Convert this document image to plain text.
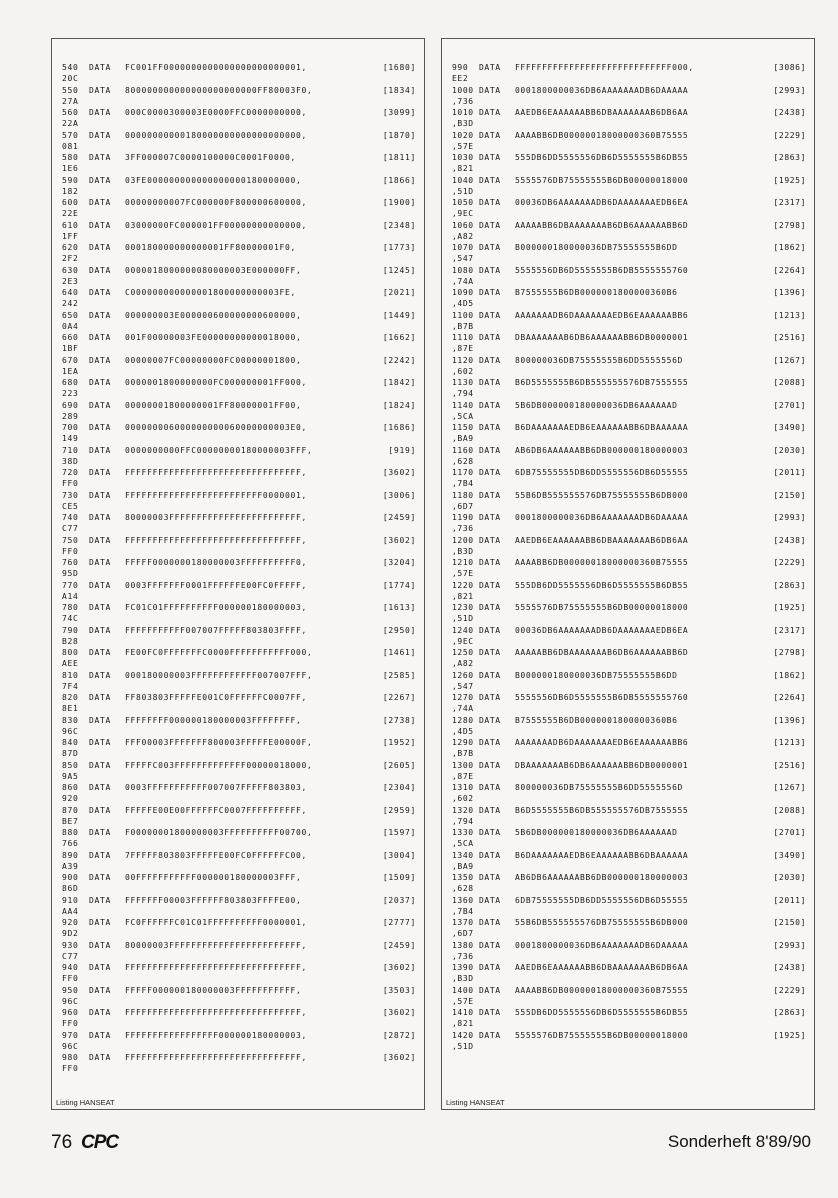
540 DATA FC001FF0000000000000000000000001,	[1680]
20C
550 DATA 800000000000000000000000FF80003F0,	[1834]
27A
560 DATA 000C0000300003E0000FFC0000000000,	[3099]
22A
570 DATA 00000000000180000000000000000000,	[1870]
081
580 DATA 3FF000007C0000100000C0001F0000,	[1811]
1E6
590 DATA 03FE000000000000000000180000000,	[1866]
182
600 DATA 00000000007FC000000F800000600000,	[1900]
22E
610 DATA 03000000FC000001FF00000000000000,	[2348]
1FF
620 DATA 000180000000000001FF80000001F0,	[1773]
2F2
630 DATA 0000018000000080000003E000000FF,	[1245]
2E3
640 DATA C000000000000001800000000003FE,	[2021]
242
650 DATA 000000003E000000600000000600000,	[1449]
0A4
660 DATA 001F00000003FE00000000000018000,	[1662]
1BF
670 DATA 00000007FC00000000FC00000001800,	[2242]
1EA
680 DATA 0000001800000000FC000000001FF000,	[1842]
223
690 DATA 00000001800000001FF80000001FF00,	[1824]
289
700 DATA 000000006000000000060000000003E0,	[1686]
149
710 DATA 0000000000FFC00000000180000003FFF,	[919]
38D
720 DATA FFFFFFFFFFFFFFFFFFFFFFFFFFFFFFFF,	[3602]
FF0
730 DATA FFFFFFFFFFFFFFFFFFFFFFFFF0000001,	[3006]
CE5
740 DATA 80000003FFFFFFFFFFFFFFFFFFFFFFFF,	[2459]
C77
750 DATA FFFFFFFFFFFFFFFFFFFFFFFFFFFFFFFF,	[3602]
FF0
760 DATA FFFFF0000000180000003FFFFFFFFFF0,	[3204]
95D
770 DATA 0003FFFFFFF0001FFFFFFE00FC0FFFFF,	[1774]
A14
780 DATA FC01C01FFFFFFFFFF000000180000003,	[1613]
74C
790 DATA FFFFFFFFFFF007007FFFFF803803FFFF,	[2950]
B28
800 DATA FE00FC0FFFFFFFC0000FFFFFFFFFFF000,	[1461]
AEE
810 DATA 000180000003FFFFFFFFFFFF007007FFF,	[2585]
7F4
820 DATA FF803803FFFFFE001C0FFFFFFC0007FF,	[2267]
8E1
830 DATA FFFFFFFF000000180000003FFFFFFFF,	[2738]
96C
840 DATA FFF00003FFFFFFF800003FFFFFE00000F,	[1952]
87D
850 DATA FFFFFC003FFFFFFFFFFFFF00000018000,	[2605]
9A5
860 DATA 0003FFFFFFFFFFF007007FFFFF803803,	[2304]
920
870 DATA FFFFFE00E00FFFFFFC0007FFFFFFFFFF,	[2959]
BE7
880 DATA F00000001800000003FFFFFFFFFF00700,	[1597]
766
890 DATA 7FFFFF803803FFFFFE00FC0FFFFFFC00,	[3004]
A39
900 DATA 00FFFFFFFFFFF000000180000003FFF,	[1509]
86D
910 DATA FFFFFFF00003FFFFFF803803FFFFE00,	[2037]
AA4
920 DATA FC0FFFFFFC01C01FFFFFFFFFF0000001,	[2777]
9D2
930 DATA 80000003FFFFFFFFFFFFFFFFFFFFFFFF,	[2459]
C77
940 DATA FFFFFFFFFFFFFFFFFFFFFFFFFFFFFFFF,	[3602]
FF0
950 DATA FFFFF000000180000003FFFFFFFFFFF,	[3503]
96C
960 DATA FFFFFFFFFFFFFFFFFFFFFFFFFFFFFFFF,	[3602]
FF0
970 DATA FFFFFFFFFFFFFFFFF000000180000003,	[2872]
96C
980 DATA FFFFFFFFFFFFFFFFFFFFFFFFFFFFFFFF,	[3602]
FF0
Listing HANSEAT
990 DATA FFFFFFFFFFFFFFFFFFFFFFFFFFFFF000,	[3086]
EE2
1000 DATA 0001800000036DB6AAAAAAADB6DAAAAA	[2993]
,736
1010 DATA AAEDB6EAAAAAABB6DBAAAAAAAB6DB6AA	[2438]
,B3D
1020 DATA AAAABB6DB00000018000000360B75555	[2229]
,57E
1030 DATA 555DB6DD5555556DB6D5555555B6DB55	[2863]
,821
1040 DATA 5555576DB75555555B6DB00000018000	[1925]
,51D
1050 DATA 00036DB6AAAAAAADB6DAAAAAAAEDB6EA	[2317]
,9EC
1060 DATA AAAAABB6DBAAAAAAAB6DB6AAAAAABB6D	[2798]
,A82
1070 DATA B000000180000036DB75555555B6DD	[1862]
,547
1080 DATA 5555556DB6D5555555B6DB5555555760	[2264]
,74A
1090 DATA B7555555B6DB0000001800000360B6	[1396]
,4D5
1100 DATA AAAAAAADB6DAAAAAAAEDB6EAAAAAABB6	[1213]
,B7B
1110 DATA DBAAAAAAAB6DB6AAAAAABB6DB0000001	[2516]
,87E
1120 DATA 800000036DB75555555B6DD5555556D	[1267]
,602
1130 DATA B6D5555555B6DB555555576DB7555555	[2088]
,794
1140 DATA 5B6DB000000180000036DB6AAAAAAD	[2701]
,5CA
1150 DATA B6DAAAAAAAEDB6EAAAAAABB6DBAAAAAA	[3490]
,BA9
1160 DATA AB6DB6AAAAAABB6DB000000180000003	[2030]
,628
1170 DATA 6DB75555555DB6DD5555556DB6D55555	[2011]
,7B4
1180 DATA 55B6DB555555576DB75555555B6DB000	[2150]
,6D7
1190 DATA 0001800000036DB6AAAAAAADB6DAAAAA	[2993]
,736
1200 DATA AAEDB6EAAAAAABB6DBAAAAAAAB6DB6AA	[2438]
,B3D
1210 DATA AAAABB6DB00000018000000360B75555	[2229]
,57E
1220 DATA 555DB6DD5555556DB6D5555555B6DB55	[2863]
,821
1230 DATA 5555576DB75555555B6DB00000018000	[1925]
,51D
1240 DATA 00036DB6AAAAAAADB6DAAAAAAAEDB6EA	[2317]
,9EC
1250 DATA AAAAABB6DBAAAAAAAB6DB6AAAAAABB6D	[2798]
,A82
1260 DATA B000000180000036DB75555555B6DD	[1862]
,547
1270 DATA 5555556DB6D5555555B6DB5555555760	[2264]
,74A
1280 DATA B7555555B6DB0000001800000360B6	[1396]
,4D5
1290 DATA AAAAAAADB6DAAAAAAAEDB6EAAAAAABB6	[1213]
,B7B
1300 DATA DBAAAAAAAB6DB6AAAAAABB6DB0000001	[2516]
,87E
1310 DATA 800000036DB75555555B6DD5555556D	[1267]
,602
1320 DATA B6D5555555B6DB555555576DB7555555	[2088]
,794
1330 DATA 5B6DB000000180000036DB6AAAAAAD	[2701]
,5CA
1340 DATA B6DAAAAAAAEDB6EAAAAAABB6DBAAAAAA	[3490]
,BA9
1350 DATA AB6DB6AAAAAABB6DB000000180000003	[2030]
,628
1360 DATA 6DB75555555DB6DD5555556DB6D55555	[2011]
,7B4
1370 DATA 55B6DB555555576DB75555555B6DB000	[2150]
,6D7
1380 DATA 0001800000036DB6AAAAAAADB6DAAAAA	[2993]
,736
1390 DATA AAEDB6EAAAAAABB6DBAAAAAAAB6DB6AA	[2438]
,B3D
1400 DATA AAAABB6DB00000018000000360B75555	[2229]
,57E
1410 DATA 555DB6DD5555556DB6D5555555B6DB55	[2863]
,821
1420 DATA 5555576DB75555555B6DB00000018000	[1925]
,51D
Listing HANSEAT
76 CPC	Sonderheft 8'89/90
